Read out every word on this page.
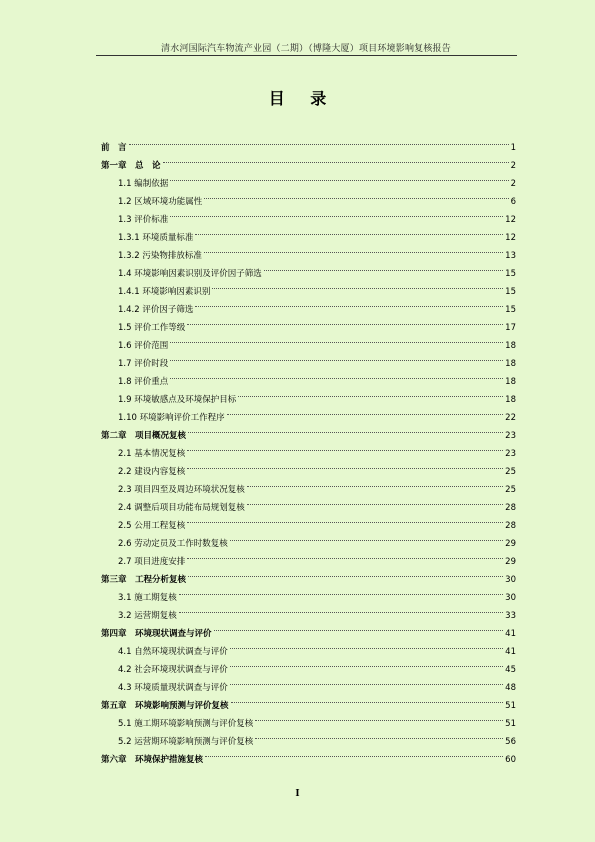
清水河国际汽车物流产业园（二期）（博隆大厦）项目环境影响复核报告
目 录
前　言	1
第一章　总　论	2
1.1 编制依据	2
1.2 区域环境功能属性	6
1.3 评价标准	12
1.3.1 环境质量标准	12
1.3.2 污染物排放标准	13
1.4 环境影响因素识别及评价因子筛选	15
1.4.1 环境影响因素识别	15
1.4.2 评价因子筛选	15
1.5 评价工作等级	17
1.6 评价范围	18
1.7 评价时段	18
1.8 评价重点	18
1.9 环境敏感点及环境保护目标	18
1.10 环境影响评价工作程序	22
第二章　项目概况复核	23
2.1 基本情况复核	23
2.2 建设内容复核	25
2.3 项目四至及周边环境状况复核	25
2.4 调整后项目功能布局规划复核	28
2.5 公用工程复核	28
2.6 劳动定员及工作时数复核	29
2.7 项目进度安排	29
第三章　工程分析复核	30
3.1 施工期复核	30
3.2 运营期复核	33
第四章　环境现状调查与评价	41
4.1 自然环境现状调查与评价	41
4.2 社会环境现状调查与评价	45
4.3 环境质量现状调查与评价	48
第五章　环境影响预测与评价复核	51
5.1 施工期环境影响预测与评价复核	51
5.2 运营期环境影响预测与评价复核	56
第六章　环境保护措施复核	60
I
